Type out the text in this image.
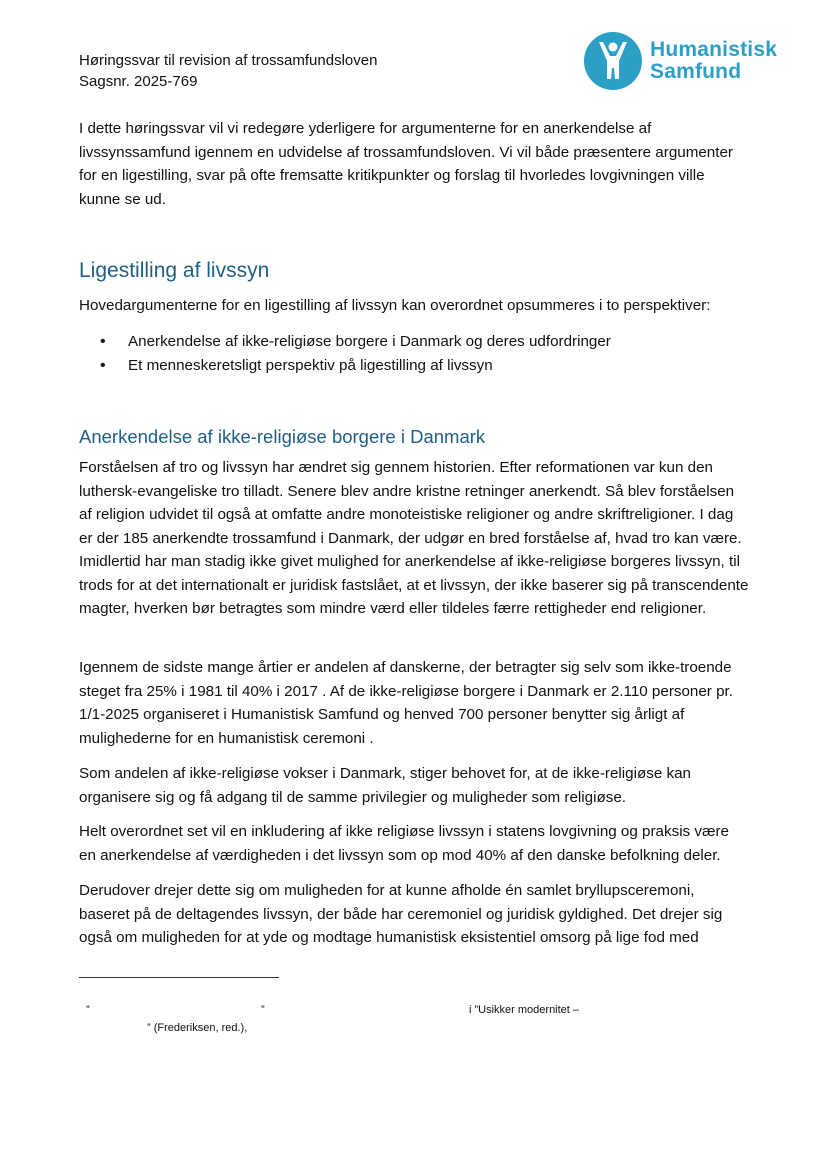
Høringssvar til revision af trossamfundsloven
Sagsnr. 2025-769
Humanistisk
Samfund
I dette høringssvar vil vi redegøre yderligere for argumenterne for en anerkendelse af livssynssamfund igennem en udvidelse af trossamfundsloven. Vi vil både præsentere argumenter for en ligestilling, svar på ofte fremsatte kritikpunkter og forslag til hvorledes lovgivningen ville kunne se ud.
Ligestilling af livssyn
Hovedargumenterne for en ligestilling af livssyn kan overordnet opsummeres i to perspektiver:
•	Anerkendelse af ikke-religiøse borgere i Danmark og deres udfordringer
•	Et menneskeretsligt perspektiv på ligestilling af livssyn
Anerkendelse af ikke-religiøse borgere i Danmark
Forståelsen af tro og livssyn har ændret sig gennem historien. Efter reformationen var kun den luthersk-evangeliske tro tilladt. Senere blev andre kristne retninger anerkendt. Så blev forståelsen af religion udvidet til også at omfatte andre monoteistiske religioner og andre skriftreligioner. I dag er der 185 anerkendte trossamfund i Danmark, der udgør en bred forståelse af, hvad tro kan være. Imidlertid har man stadig ikke givet mulighed for anerkendelse af ikke-religiøse borgeres livssyn, til trods for at det internationalt er juridisk fastslået, at et livssyn, der ikke baserer sig på transcendente magter, hverken bør betragtes som mindre værd eller tildeles færre rettigheder end religioner.
Igennem de sidste mange årtier er andelen af danskerne, der betragter sig selv som ikke-troende steget fra 25% i 1981 til 40% i 2017 . Af de ikke-religiøse borgere i Danmark er 2.110 personer pr. 1/1-2025 organiseret i Humanistisk Samfund og henved 700 personer benytter sig årligt af mulighederne for en humanistisk ceremoni .
Som andelen af ikke-religiøse vokser i Danmark, stiger behovet for, at de ikke-religiøse kan organisere sig og få adgang til de samme privilegier og muligheder som religiøse.
Helt overordnet set vil en inkludering af ikke religiøse livssyn i statens lovgivning og praksis være en anerkendelse af værdigheden i det livssyn som op mod 40% af den danske befolkning deler.
Derudover drejer dette sig om muligheden for at kunne afholde én samlet bryllupsceremoni, baseret på de deltagendes livssyn, der både har ceremoniel og juridisk gyldighed. Det drejer sig også om muligheden for at yde og modtage humanistisk eksistentiel omsorg på lige fod med
”	”	i ”Usikker modernitet –
” (Frederiksen, red.),
